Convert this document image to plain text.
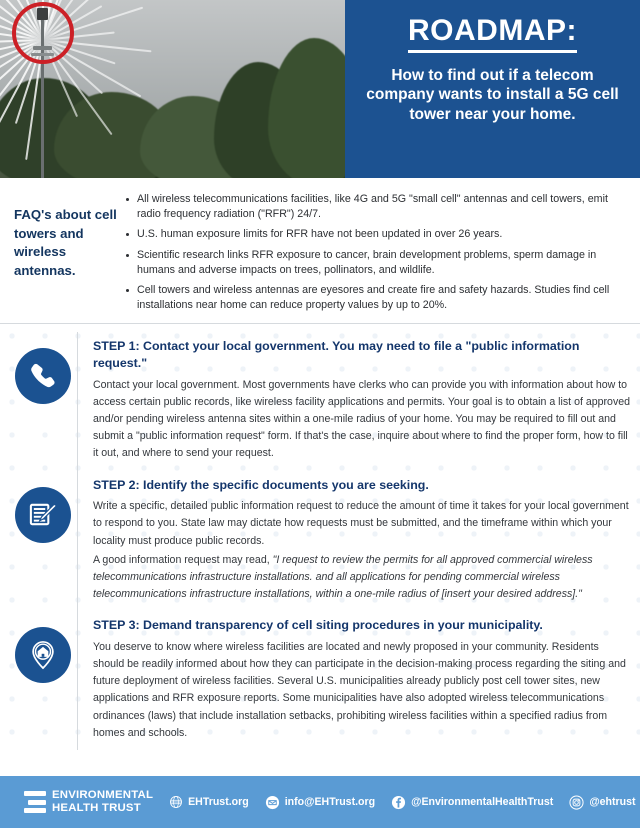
ROADMAP:
How to find out if a telecom company wants to install a 5G cell tower near your home.
FAQ's about cell towers and wireless antennas.
All wireless telecommunications facilities, like 4G and 5G "small cell" antennas and cell towers, emit radio frequency radiation ("RFR") 24/7.
U.S. human exposure limits for RFR have not been updated in over 26 years.
Scientific research links RFR exposure to cancer, brain development problems, sperm damage in humans and adverse impacts on trees, pollinators, and wildlife.
Cell towers and wireless antennas are eyesores and create fire and safety hazards. Studies find cell installations near home can reduce property values by up to 20%.
STEP 1: Contact your local government. You may need to file a "public information request."
Contact your local government. Most governments have clerks who can provide you with information about how to access certain public records, like wireless facility applications and permits. Your goal is to obtain a list of approved and/or pending wireless antenna sites within a one-mile radius of your home. You may be required to fill out and submit a "public information request" form. If that's the case, inquire about where to find the proper form, how to fill it out, and where to send your request.
STEP 2: Identify the specific documents you are seeking.
Write a specific, detailed public information request to reduce the amount of time it takes for your local government to respond to you. State law may dictate how requests must be submitted, and the timeframe within which your locality must produce public records.
A good information request may read, "I request to review the permits for all approved commercial wireless telecommunications infrastructure installations. and all applications for pending commercial wireless telecommunications infrastructure installations, within a one-mile radius of [insert your desired address]."
STEP 3: Demand transparency of cell siting procedures in your municipality.
You deserve to know where wireless facilities are located and newly proposed in your community. Residents should be readily informed about how they can participate in the decision-making process regarding the siting and future deployment of wireless facilities. Several U.S. municipalities already publicly post cell tower sites, new applications and RFR exposure reports. Some municipalities have also adopted wireless telecommunications ordinances (laws) that include installation setbacks, prohibiting wireless facilities within a specified radius from homes and schools.
ENVIRONMENTAL
HEALTH TRUST	EHTrust.org	info@EHTrust.org	@EnvironmentalHealthTrust	@ehtrust
